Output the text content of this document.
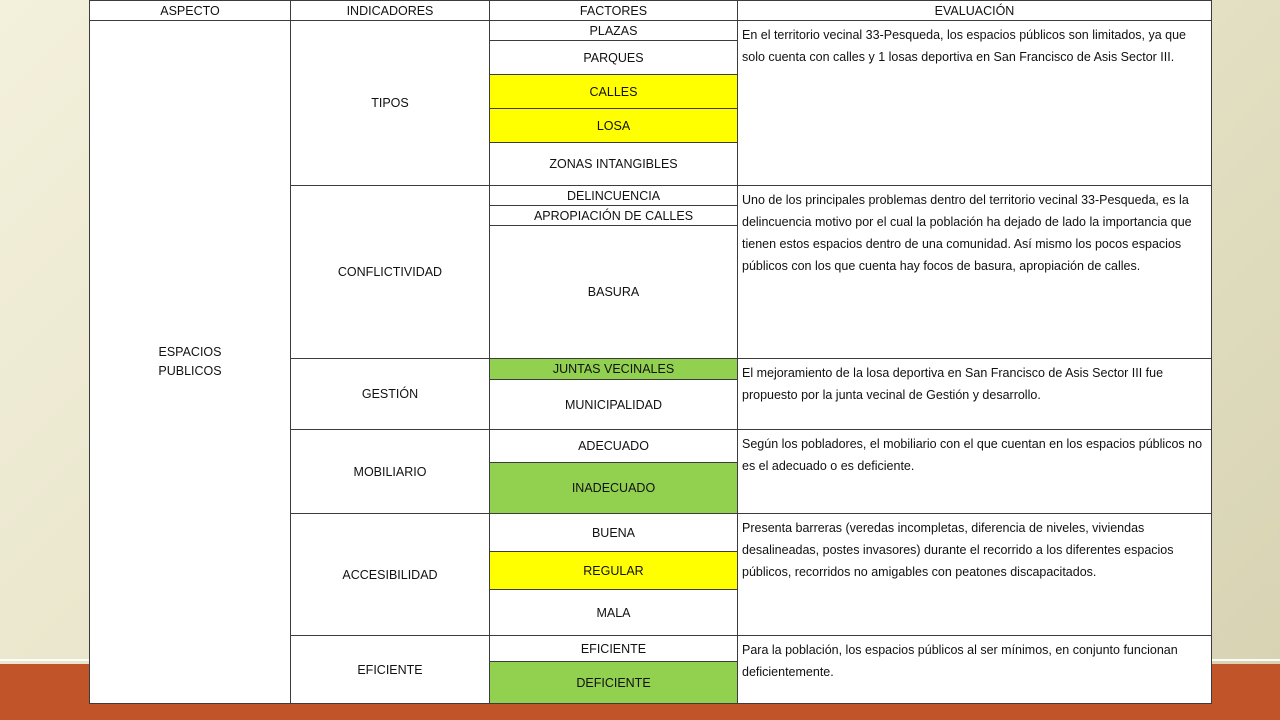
ASPECTO	INDICADORES	FACTORES	EVALUACIÓN

ESPACIOS
PUBLICOS	TIPOS	PLAZAS	En el territorio vecinal 33-Pesqueda, los espacios públicos son limitados, ya que solo cuenta con calles y 1 losas deportiva en San Francisco de Asis Sector III.
		PARQUES	
		CALLES	
		LOSA	
		ZONAS INTANGIBLES	
	CONFLICTIVIDAD	DELINCUENCIA	Uno de los principales problemas dentro del territorio vecinal 33-Pesqueda, es la delincuencia motivo por el cual la población ha dejado de lado la importancia que tienen estos espacios dentro de una comunidad. Así mismo los pocos espacios públicos con los que cuenta hay focos de basura, apropiación de calles.
		APROPIACIÓN DE CALLES	
		BASURA	
	GESTIÓN	JUNTAS VECINALES	El mejoramiento de la losa deportiva en San Francisco de Asis Sector III fue propuesto por la junta vecinal de Gestión y desarrollo.
		MUNICIPALIDAD	
	MOBILIARIO	ADECUADO	Según los pobladores, el mobiliario con el que cuentan en los espacios públicos no es el adecuado o es deficiente.
		INADECUADO	
	ACCESIBILIDAD	BUENA	Presenta barreras (veredas incompletas, diferencia de niveles, viviendas desalineadas, postes invasores) durante el recorrido a los diferentes espacios públicos, recorridos no amigables con peatones discapacitados.
		REGULAR	
		MALA	
	EFICIENTE	EFICIENTE	Para la población, los espacios públicos al ser mínimos, en conjunto funcionan deficientemente.
		DEFICIENTE	
